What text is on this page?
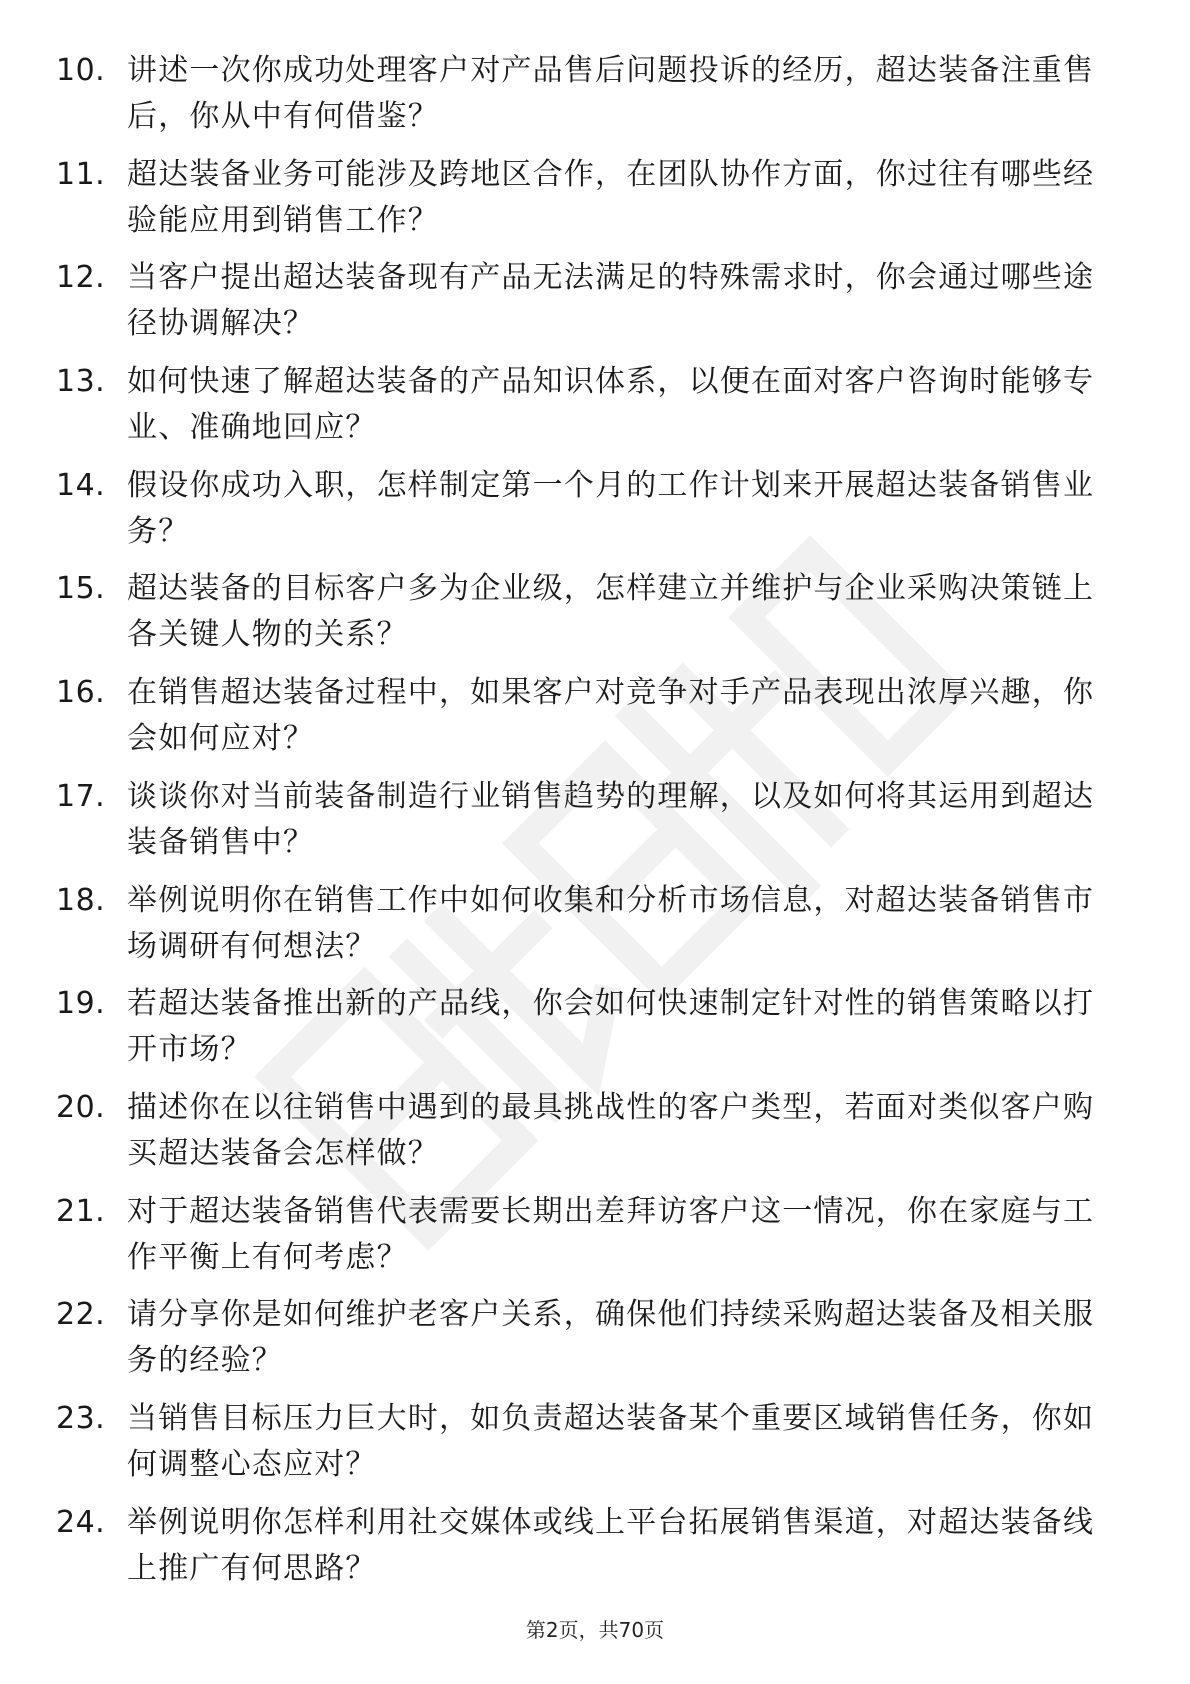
10. 讲述一次你成功处理客户对产品售后问题投诉的经历，超达装备注重售后，你从中有何借鉴？
11. 超达装备业务可能涉及跨地区合作，在团队协作方面，你过往有哪些经验能应用到销售工作？
12. 当客户提出超达装备现有产品无法满足的特殊需求时，你会通过哪些途径协调解决？
13. 如何快速了解超达装备的产品知识体系，以便在面对客户咨询时能够专业、准确地回应？
14. 假设你成功入职，怎样制定第一个月的工作计划来开展超达装备销售业务？
15. 超达装备的目标客户多为企业级，怎样建立并维护与企业采购决策链上各关键人物的关系？
16. 在销售超达装备过程中，如果客户对竞争对手产品表现出浓厚兴趣，你会如何应对？
17. 谈谈你对当前装备制造行业销售趋势的理解，以及如何将其运用到超达装备销售中？
18. 举例说明你在销售工作中如何收集和分析市场信息，对超达装备销售市场调研有何想法？
19. 若超达装备推出新的产品线，你会如何快速制定针对性的销售策略以打开市场？
20. 描述你在以往销售中遇到的最具挑战性的客户类型，若面对类似客户购买超达装备会怎样做？
21. 对于超达装备销售代表需要长期出差拜访客户这一情况，你在家庭与工作平衡上有何考虑？
22. 请分享你是如何维护老客户关系，确保他们持续采购超达装备及相关服务的经验？
23. 当销售目标压力巨大时，如负责超达装备某个重要区域销售任务，你如何调整心态应对？
24. 举例说明你怎样利用社交媒体或线上平台拓展销售渠道，对超达装备线上推广有何思路？
第2页，共70页
